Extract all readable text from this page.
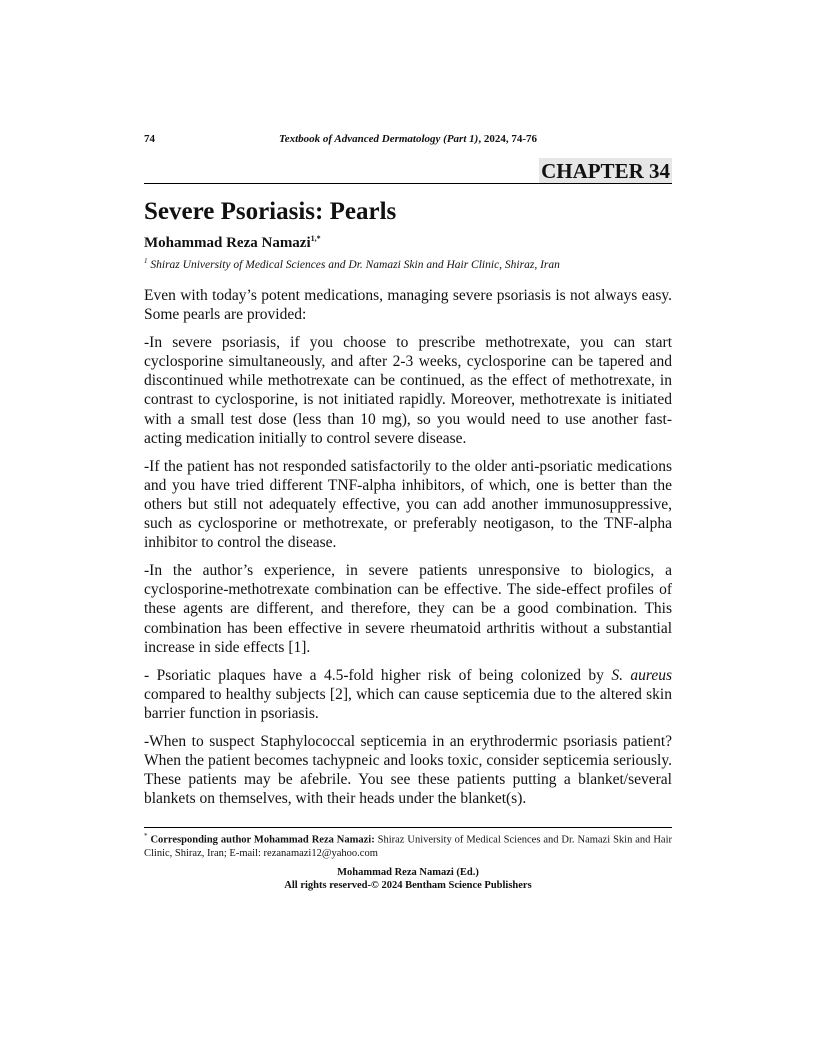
74	Textbook of Advanced Dermatology (Part 1), 2024, 74-76
CHAPTER 34
Severe Psoriasis: Pearls
Mohammad Reza Namazi$^{1,*}$
$^1$ Shiraz University of Medical Sciences and Dr. Namazi Skin and Hair Clinic, Shiraz, Iran

Even with today’s potent medications, managing severe psoriasis is not always easy. Some pearls are provided:

-In severe psoriasis, if you choose to prescribe methotrexate, you can start cyclosporine simultaneously, and after 2-3 weeks, cyclosporine can be tapered and discontinued while methotrexate can be continued, as the effect of methotrexate, in contrast to cyclosporine, is not initiated rapidly. Moreover, methotrexate is initiated with a small test dose (less than 10 mg), so you would need to use another fast-acting medication initially to control severe disease.

-If the patient has not responded satisfactorily to the older anti-psoriatic medications and you have tried different TNF-alpha inhibitors, of which, one is better than the others but still not adequately effective, you can add another immunosuppressive, such as cyclosporine or methotrexate, or preferably neotigason, to the TNF-alpha inhibitor to control the disease.

-In the author’s experience, in severe patients unresponsive to biologics, a cyclosporine-methotrexate combination can be effective. The side-effect profiles of these agents are different, and therefore, they can be a good combination. This combination has been effective in severe rheumatoid arthritis without a substantial increase in side effects [1].

- Psoriatic plaques have a 4.5-fold higher risk of being colonized by S. aureus compared to healthy subjects [2], which can cause septicemia due to the altered skin barrier function in psoriasis.

-When to suspect Staphylococcal septicemia in an erythrodermic psoriasis patient? When the patient becomes tachypneic and looks toxic, consider septicemia seriously. These patients may be afebrile. You see these patients putting a blanket/several blankets on themselves, with their heads under the blanket(s).

* Corresponding author Mohammad Reza Namazi: Shiraz University of Medical Sciences and Dr. Namazi Skin and Hair Clinic, Shiraz, Iran; E-mail: rezanamazi12@yahoo.com
Mohammad Reza Namazi (Ed.)
All rights reserved-© 2024 Bentham Science Publishers
